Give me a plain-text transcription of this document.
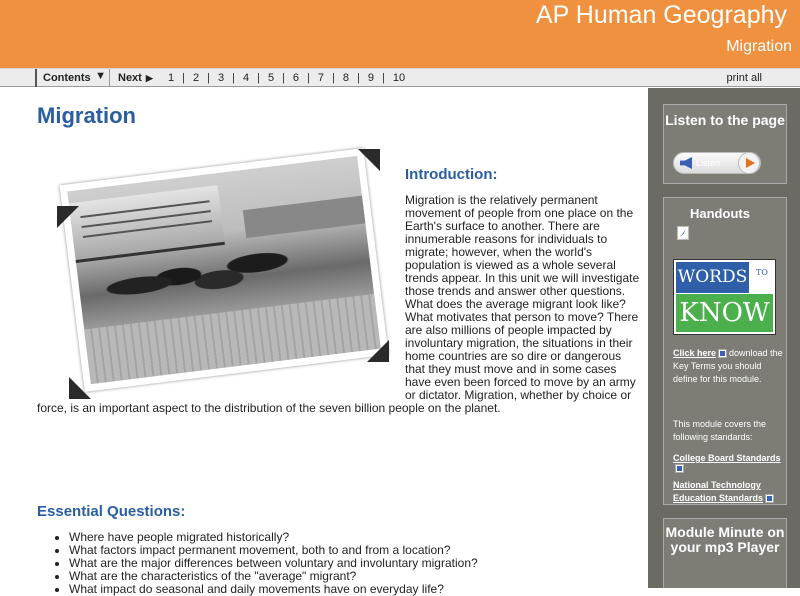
AP Human Geography
Migration
Contents ▼ Next ▶	1 | 2 | 3 | 4 | 5 | 6 | 7 | 8 | 9 | 10	print all
Migration
Introduction:
Migration is the relatively permanent movement of people from one place on the Earth's surface to another. There are innumerable reasons for individuals to migrate; however, when the world's population is viewed as a whole several trends appear. In this unit we will investigate those trends and answer other questions. What does the average migrant look like? What motivates that person to move? There are also millions of people impacted by involuntary migration, the situations in their home countries are so dire or dangerous that they must move and in some cases have even been forced to move by an army or dictator. Migration, whether by choice or force, is an important aspect to the distribution of the seven billion people on the planet.
Essential Questions:
• Where have people migrated historically?
• What factors impact permanent movement, both to and from a location?
• What are the major differences between voluntary and involuntary migration?
• What are the characteristics of the "average" migrant?
• What impact do seasonal and daily movements have on everyday life?
Listen to the page
Listen
Handouts
WORDS	TO
KNOW
Click here download the Key Terms you should define for this module.
This module covers the following standards:
College Board Standards
National Technology Education Standards
Module Minute on your mp3 Player
